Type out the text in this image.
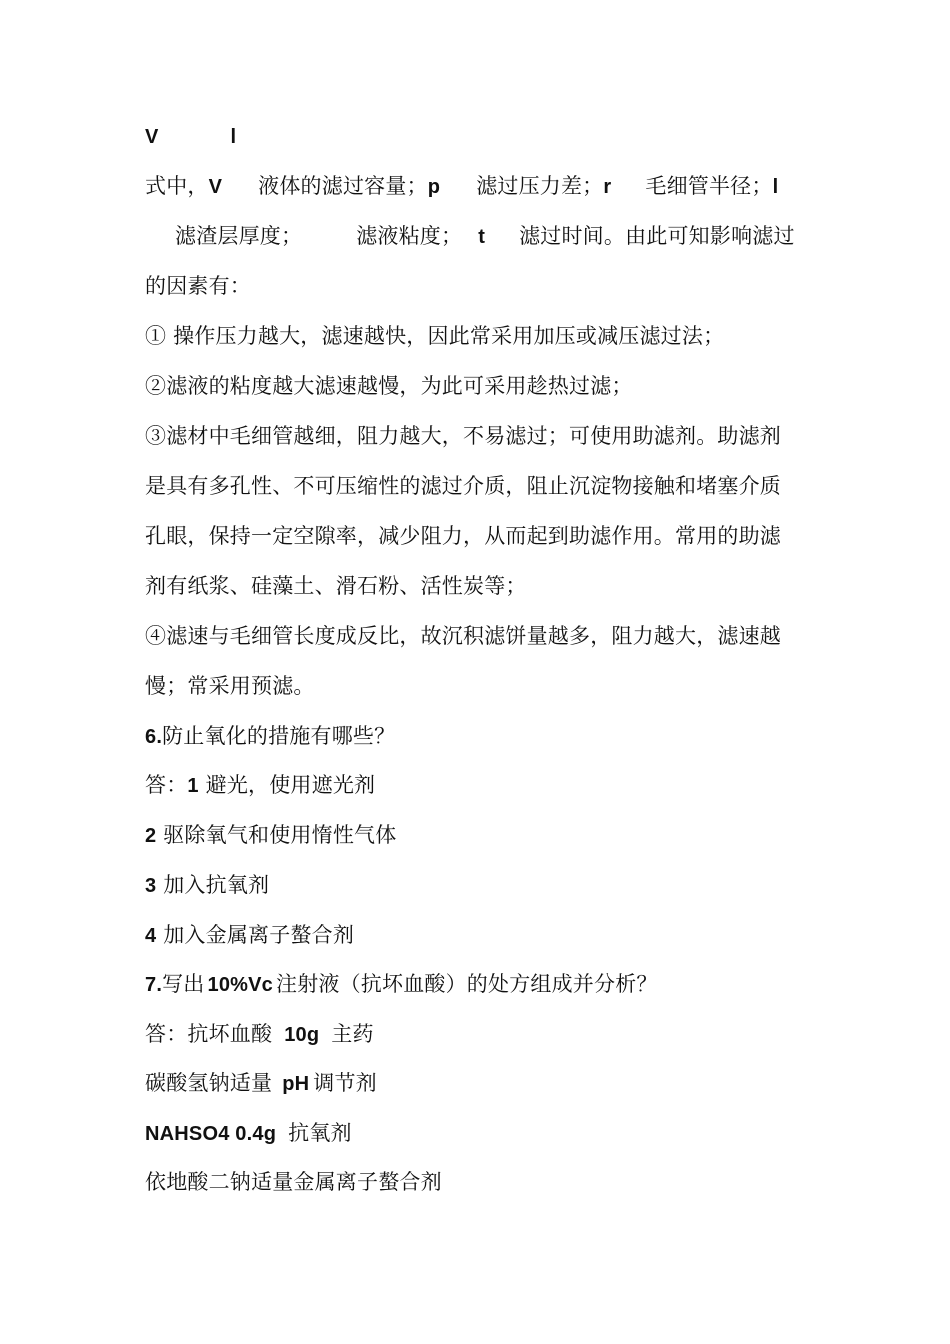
V	l
式中，V 液体的滤过容量；p 滤过压力差；r 毛细管半径；l
滤渣层厚度；	滤液粘度； t 滤过时间。由此可知影响滤过
的因素有：
① 操作压力越大，滤速越快，因此常采用加压或减压滤过法；
②滤液的粘度越大滤速越慢，为此可采用趁热过滤；
③滤材中毛细管越细，阻力越大，不易滤过；可使用助滤剂。助滤剂
是具有多孔性、不可压缩性的滤过介质，阻止沉淀物接触和堵塞介质
孔眼，保持一定空隙率，减少阻力，从而起到助滤作用。常用的助滤
剂有纸浆、硅藻土、滑石粉、活性炭等；
④滤速与毛细管长度成反比，故沉积滤饼量越多，阻力越大，滤速越
慢；常采用预滤。
6.防止氧化的措施有哪些？
答：1 避光，使用遮光剂
2 驱除氧气和使用惰性气体
3 加入抗氧剂
4 加入金属离子螯合剂
7.写出 10%Vc 注射液（抗坏血酸）的处方组成并分析？
答：抗坏血酸 10g 主药
碳酸氢钠适量 pH 调节剂
NAHSO4 0.4g 抗氧剂
依地酸二钠适量金属离子螯合剂
